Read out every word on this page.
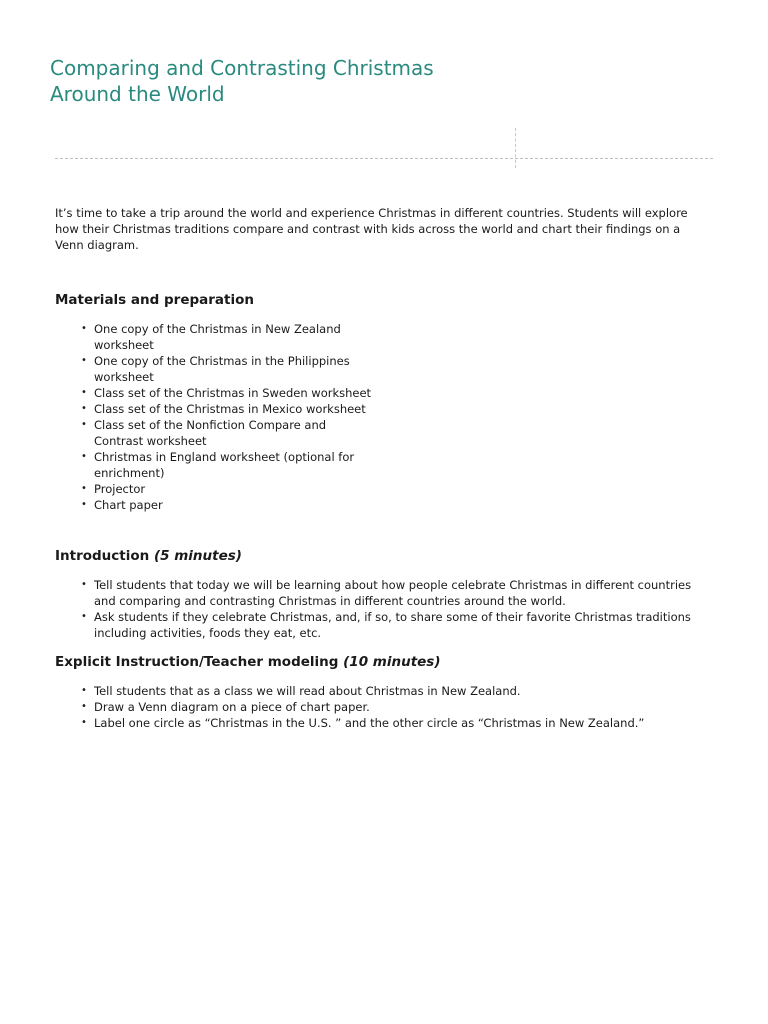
Comparing and Contrasting Christmas
Around the World

It’s time to take a trip around the world and experience Christmas in different countries. Students will explore how their Christmas traditions compare and contrast with kids across the world and chart their findings on a Venn diagram.

Materials and preparation
• One copy of the Christmas in New Zealand worksheet
• One copy of the Christmas in the Philippines worksheet
• Class set of the Christmas in Sweden worksheet
• Class set of the Christmas in Mexico worksheet
• Class set of the Nonfiction Compare and Contrast worksheet
• Christmas in England worksheet (optional for enrichment)
• Projector
• Chart paper
Introduction (5 minutes)
• Tell students that today we will be learning about how people celebrate Christmas in different countries and comparing and contrasting Christmas in different countries around the world.
• Ask students if they celebrate Christmas, and, if so, to share some of their favorite Christmas traditions including activities, foods they eat, etc.
Explicit Instruction/Teacher modeling (10 minutes)
• Tell students that as a class we will read about Christmas in New Zealand.
• Draw a Venn diagram on a piece of chart paper.
• Label one circle as “Christmas in the U.S. ” and the other circle as “Christmas in New Zealand.”
